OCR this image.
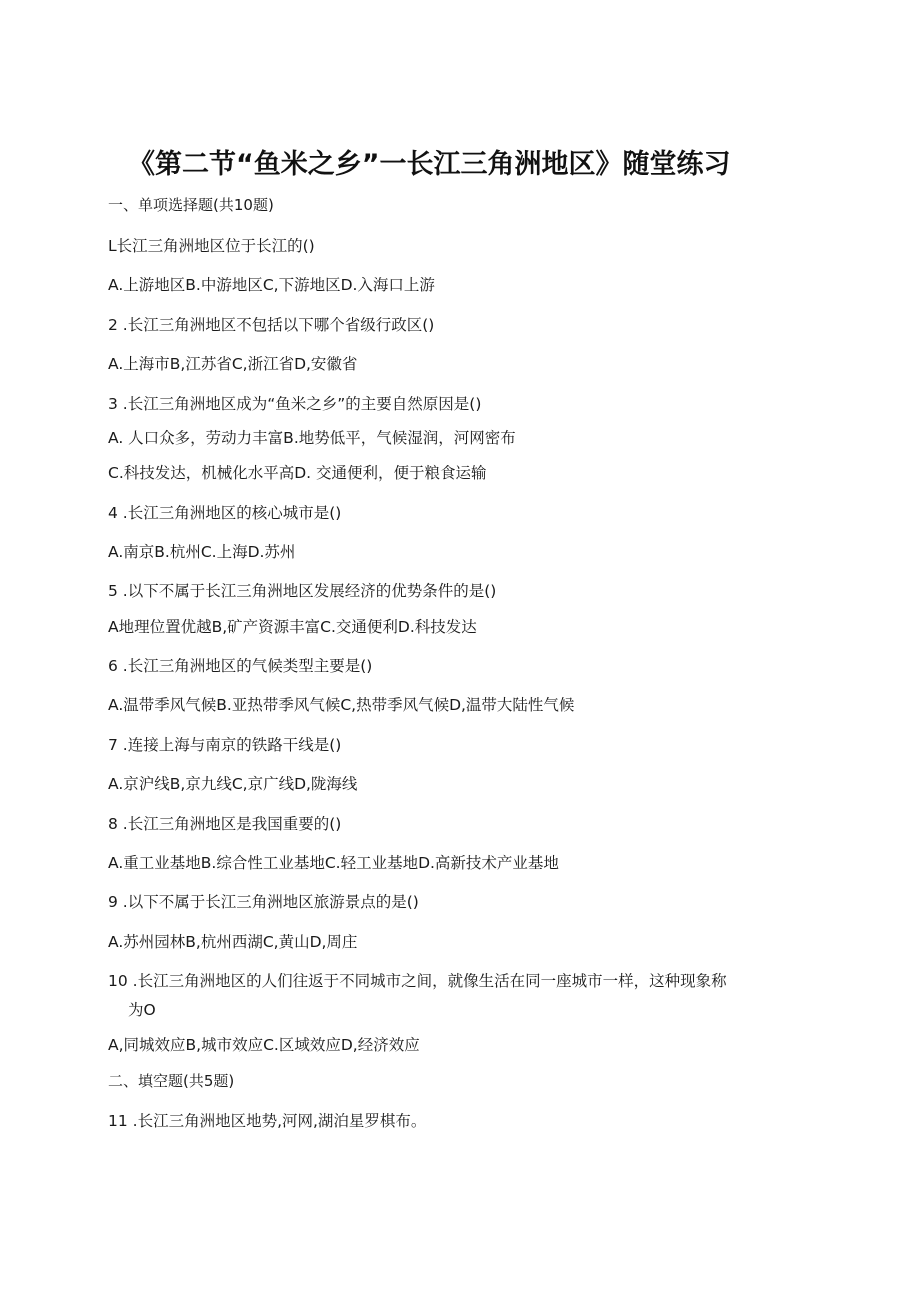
《第二节“鱼米之乡”一长江三角洲地区》随堂练习
一、单项选择题(共10题)
L长江三角洲地区位于长江的()
A.上游地区B.中游地区C,下游地区D.入海口上游
2 .长江三角洲地区不包括以下哪个省级行政区()
A.上海市B,江苏省C,浙江省D,安徽省
3 .长江三角洲地区成为“鱼米之乡”的主要自然原因是()
A. 人口众多，劳动力丰富B.地势低平，气候湿润，河网密布
C.科技发达，机械化水平高D. 交通便利，便于粮食运输
4 .长江三角洲地区的核心城市是()
A.南京B.杭州C.上海D.苏州
5 .以下不属于长江三角洲地区发展经济的优势条件的是()
A地理位置优越B,矿产资源丰富C.交通便利D.科技发达
6 .长江三角洲地区的气候类型主要是()
A.温带季风气候B.亚热带季风气候C,热带季风气候D,温带大陆性气候
7 .连接上海与南京的铁路干线是()
A.京沪线B,京九线C,京广线D,陇海线
8 .长江三角洲地区是我国重要的()
A.重工业基地B.综合性工业基地C.轻工业基地D.高新技术产业基地
9 .以下不属于长江三角洲地区旅游景点的是()
A.苏州园林B,杭州西湖C,黄山D,周庄
10 .长江三角洲地区的人们往返于不同城市之间，就像生活在同一座城市一样，这种现象称
为O
A,同城效应B,城市效应C.区域效应D,经济效应
二、填空题(共5题)
11 .长江三角洲地区地势,河网,湖泊星罗棋布。
